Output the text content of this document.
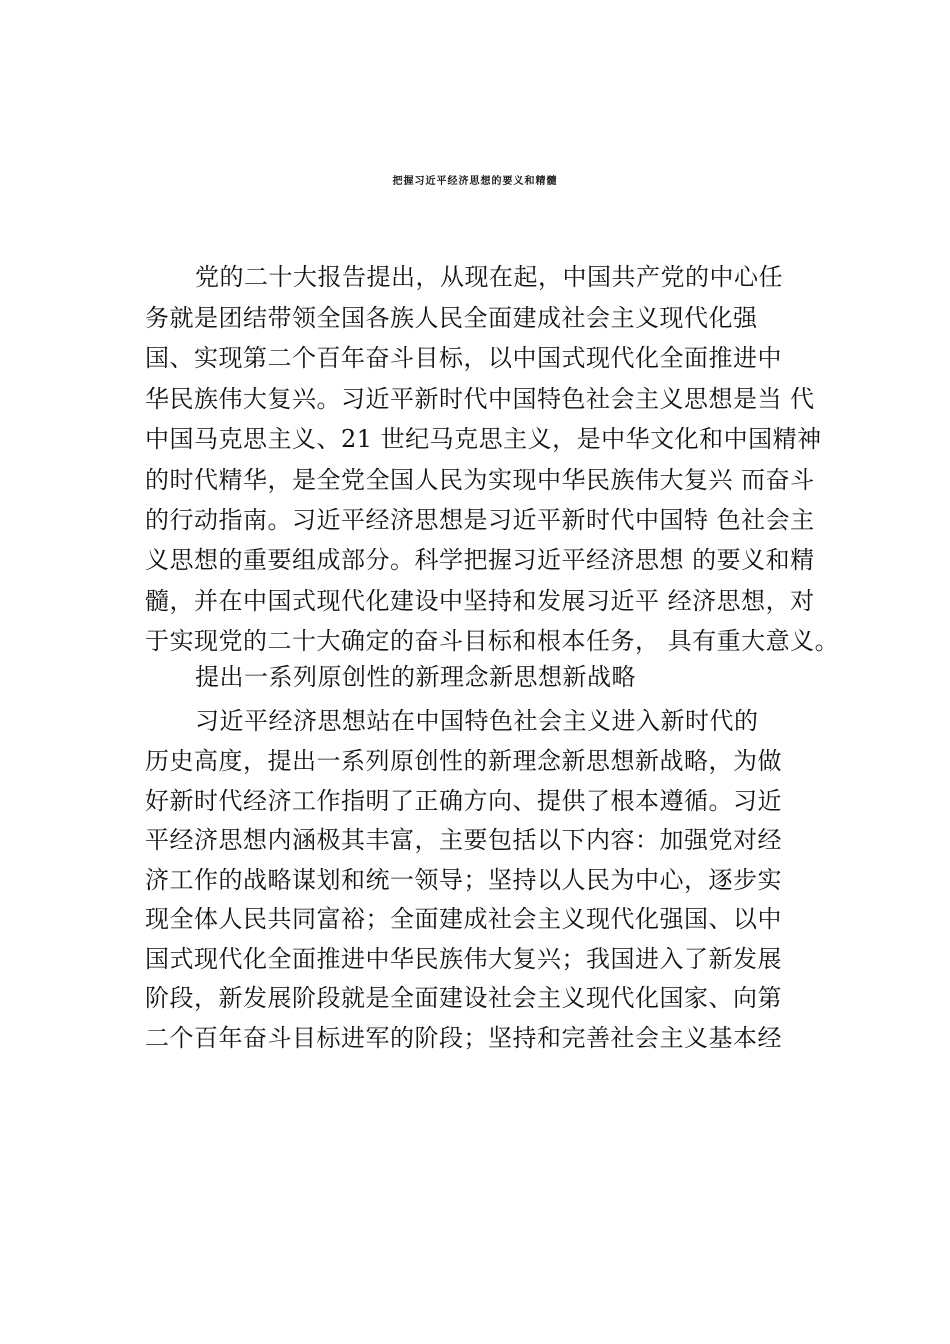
把握习近平经济思想的要义和精髓
党的二十大报告提出，从现在起，中国共产党的中心任
务就是团结带领全国各族人民全面建成社会主义现代化强
国、实现第二个百年奋斗目标，以中国式现代化全面推进中
华民族伟大复兴。习近平新时代中国特色社会主义思想是当 代
中国马克思主义、21 世纪马克思主义，是中华文化和中国精神
的时代精华，是全党全国人民为实现中华民族伟大复兴 而奋斗
的行动指南。习近平经济思想是习近平新时代中国特 色社会主
义思想的重要组成部分。科学把握习近平经济思想 的要义和精
髓，并在中国式现代化建设中坚持和发展习近平 经济思想，对
于实现党的二十大确定的奋斗目标和根本任务， 具有重大意义。
提出一系列原创性的新理念新思想新战略
习近平经济思想站在中国特色社会主义进入新时代的
历史高度，提出一系列原创性的新理念新思想新战略，为做
好新时代经济工作指明了正确方向、提供了根本遵循。习近
平经济思想内涵极其丰富，主要包括以下内容：加强党对经
济工作的战略谋划和统一领导；坚持以人民为中心，逐步实
现全体人民共同富裕；全面建成社会主义现代化强国、以中
国式现代化全面推进中华民族伟大复兴；我国进入了新发展
阶段，新发展阶段就是全面建设社会主义现代化国家、向第
二个百年奋斗目标进军的阶段；坚持和完善社会主义基本经
